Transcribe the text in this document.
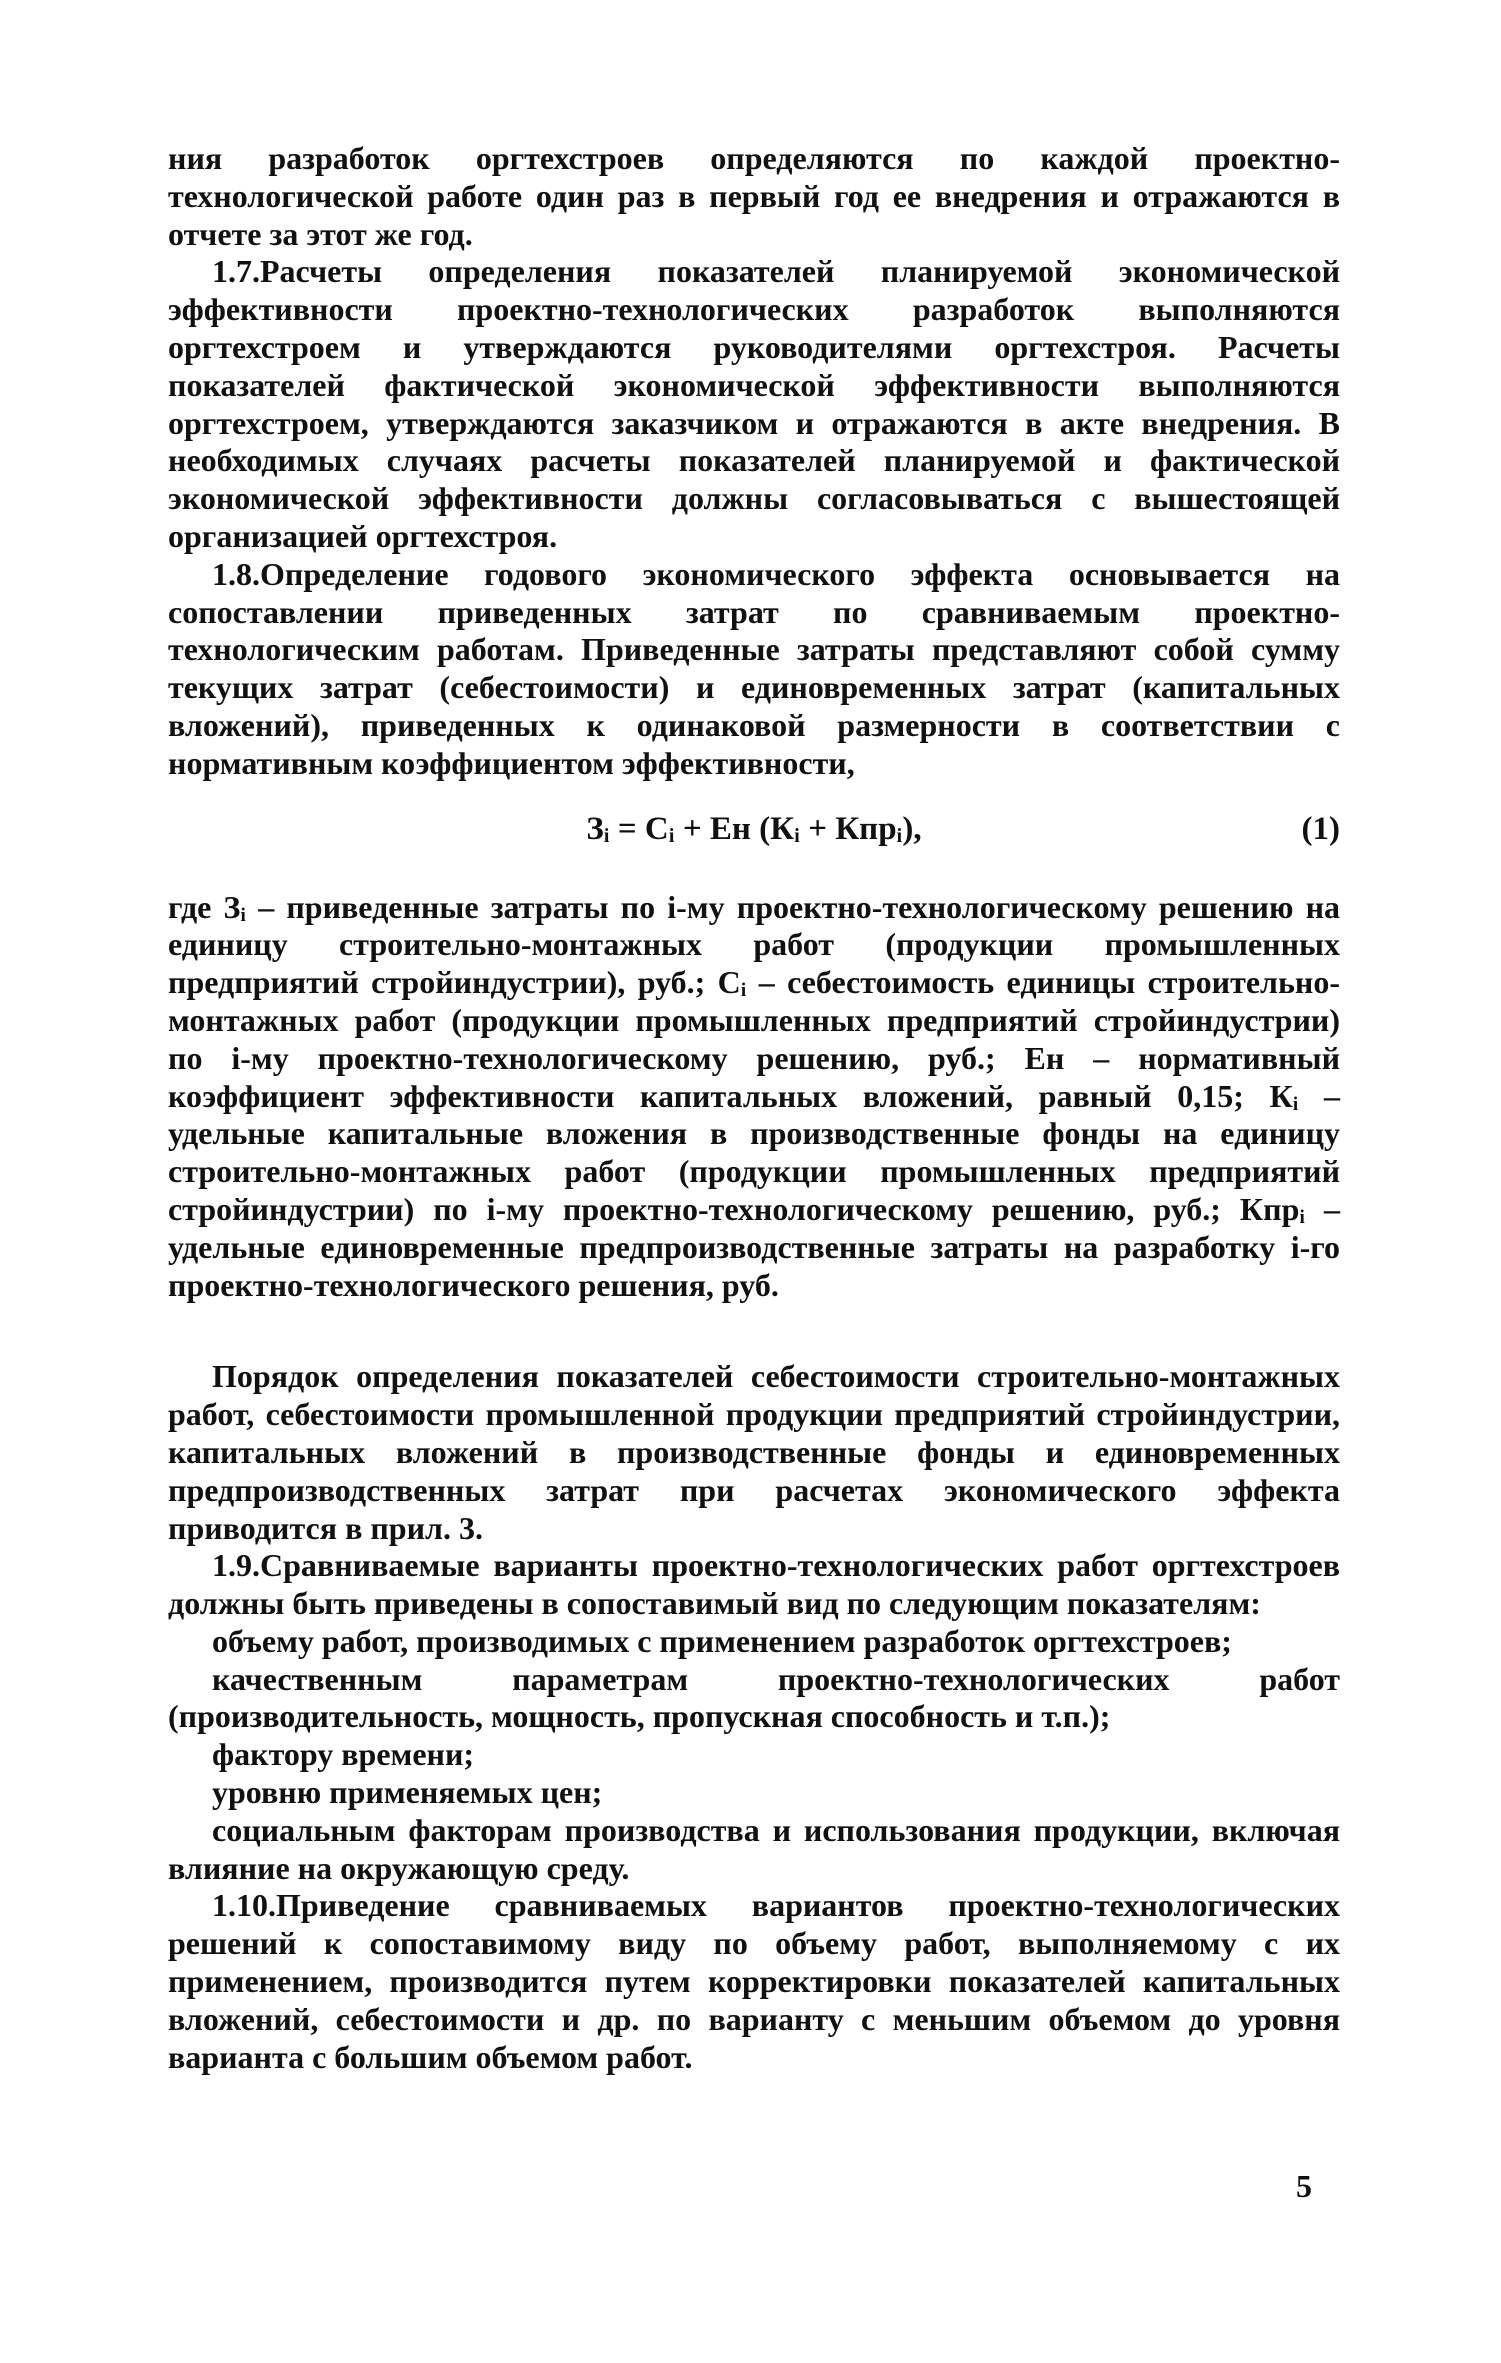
ния разработок оргтехстроев определяются по каждой проектно-технологической работе один раз в первый год ее внедрения и отражаются в отчете за этот же год.

1.7.Расчеты определения показателей планируемой экономической эффективности проектно-технологических разработок выполняются оргтехстроем и утверждаются руководителями оргтехстроя. Расчеты показателей фактической экономической эффективности выполняются оргтехстроем, утверждаются заказчиком и отражаются в акте внедрения. В необходимых случаях расчеты показателей планируемой и фактической экономической эффективности должны согласовываться с вышестоящей организацией оргтехстроя.

1.8.Определение годового экономического эффекта основывается на сопоставлении приведенных затрат по сравниваемым проектно-технологическим работам. Приведенные затраты представляют собой сумму текущих затрат (себестоимости) и единовременных затрат (капитальных вложений), приведенных к одинаковой размерности в соответствии с нормативным коэффициентом эффективности,

Зᵢ = Сᵢ + Ен (Кᵢ + Кпрᵢ),	(1)

где Зᵢ – приведенные затраты по i-му проектно-технологическому решению на единицу строительно-монтажных работ (продукции промышленных предприятий стройиндустрии), руб.; Сᵢ – себестоимость единицы строительно-монтажных работ (продукции промышленных предприятий стройиндустрии) по i-му проектно-технологическому решению, руб.; Ен – нормативный коэффициент эффективности капитальных вложений, равный 0,15; Кᵢ – удельные капитальные вложения в производственные фонды на единицу строительно-монтажных работ (продукции промышленных предприятий стройиндустрии) по i-му проектно-технологическому решению, руб.; Кпрᵢ – удельные единовременные предпроизводственные затраты на разработку i-го проектно-технологического решения, руб.

Порядок определения показателей себестоимости строительно-монтажных работ, себестоимости промышленной продукции предприятий стройиндустрии, капитальных вложений в производственные фонды и единовременных предпроизводственных затрат при расчетах экономического эффекта приводится в прил. 3.

1.9.Сравниваемые варианты проектно-технологических работ оргтехстроев должны быть приведены в сопоставимый вид по следующим показателям:

объему работ, производимых с применением разработок оргтехстроев;

качественным параметрам проектно-технологических работ (производительность, мощность, пропускная способность и т.п.);

фактору времени;

уровню применяемых цен;

социальным факторам производства и использования продукции, включая влияние на окружающую среду.

1.10.Приведение сравниваемых вариантов проектно-технологических решений к сопоставимому виду по объему работ, выполняемому с их применением, производится путем корректировки показателей капитальных вложений, себестоимости и др. по варианту с меньшим объемом до уровня варианта с большим объемом работ.

5
